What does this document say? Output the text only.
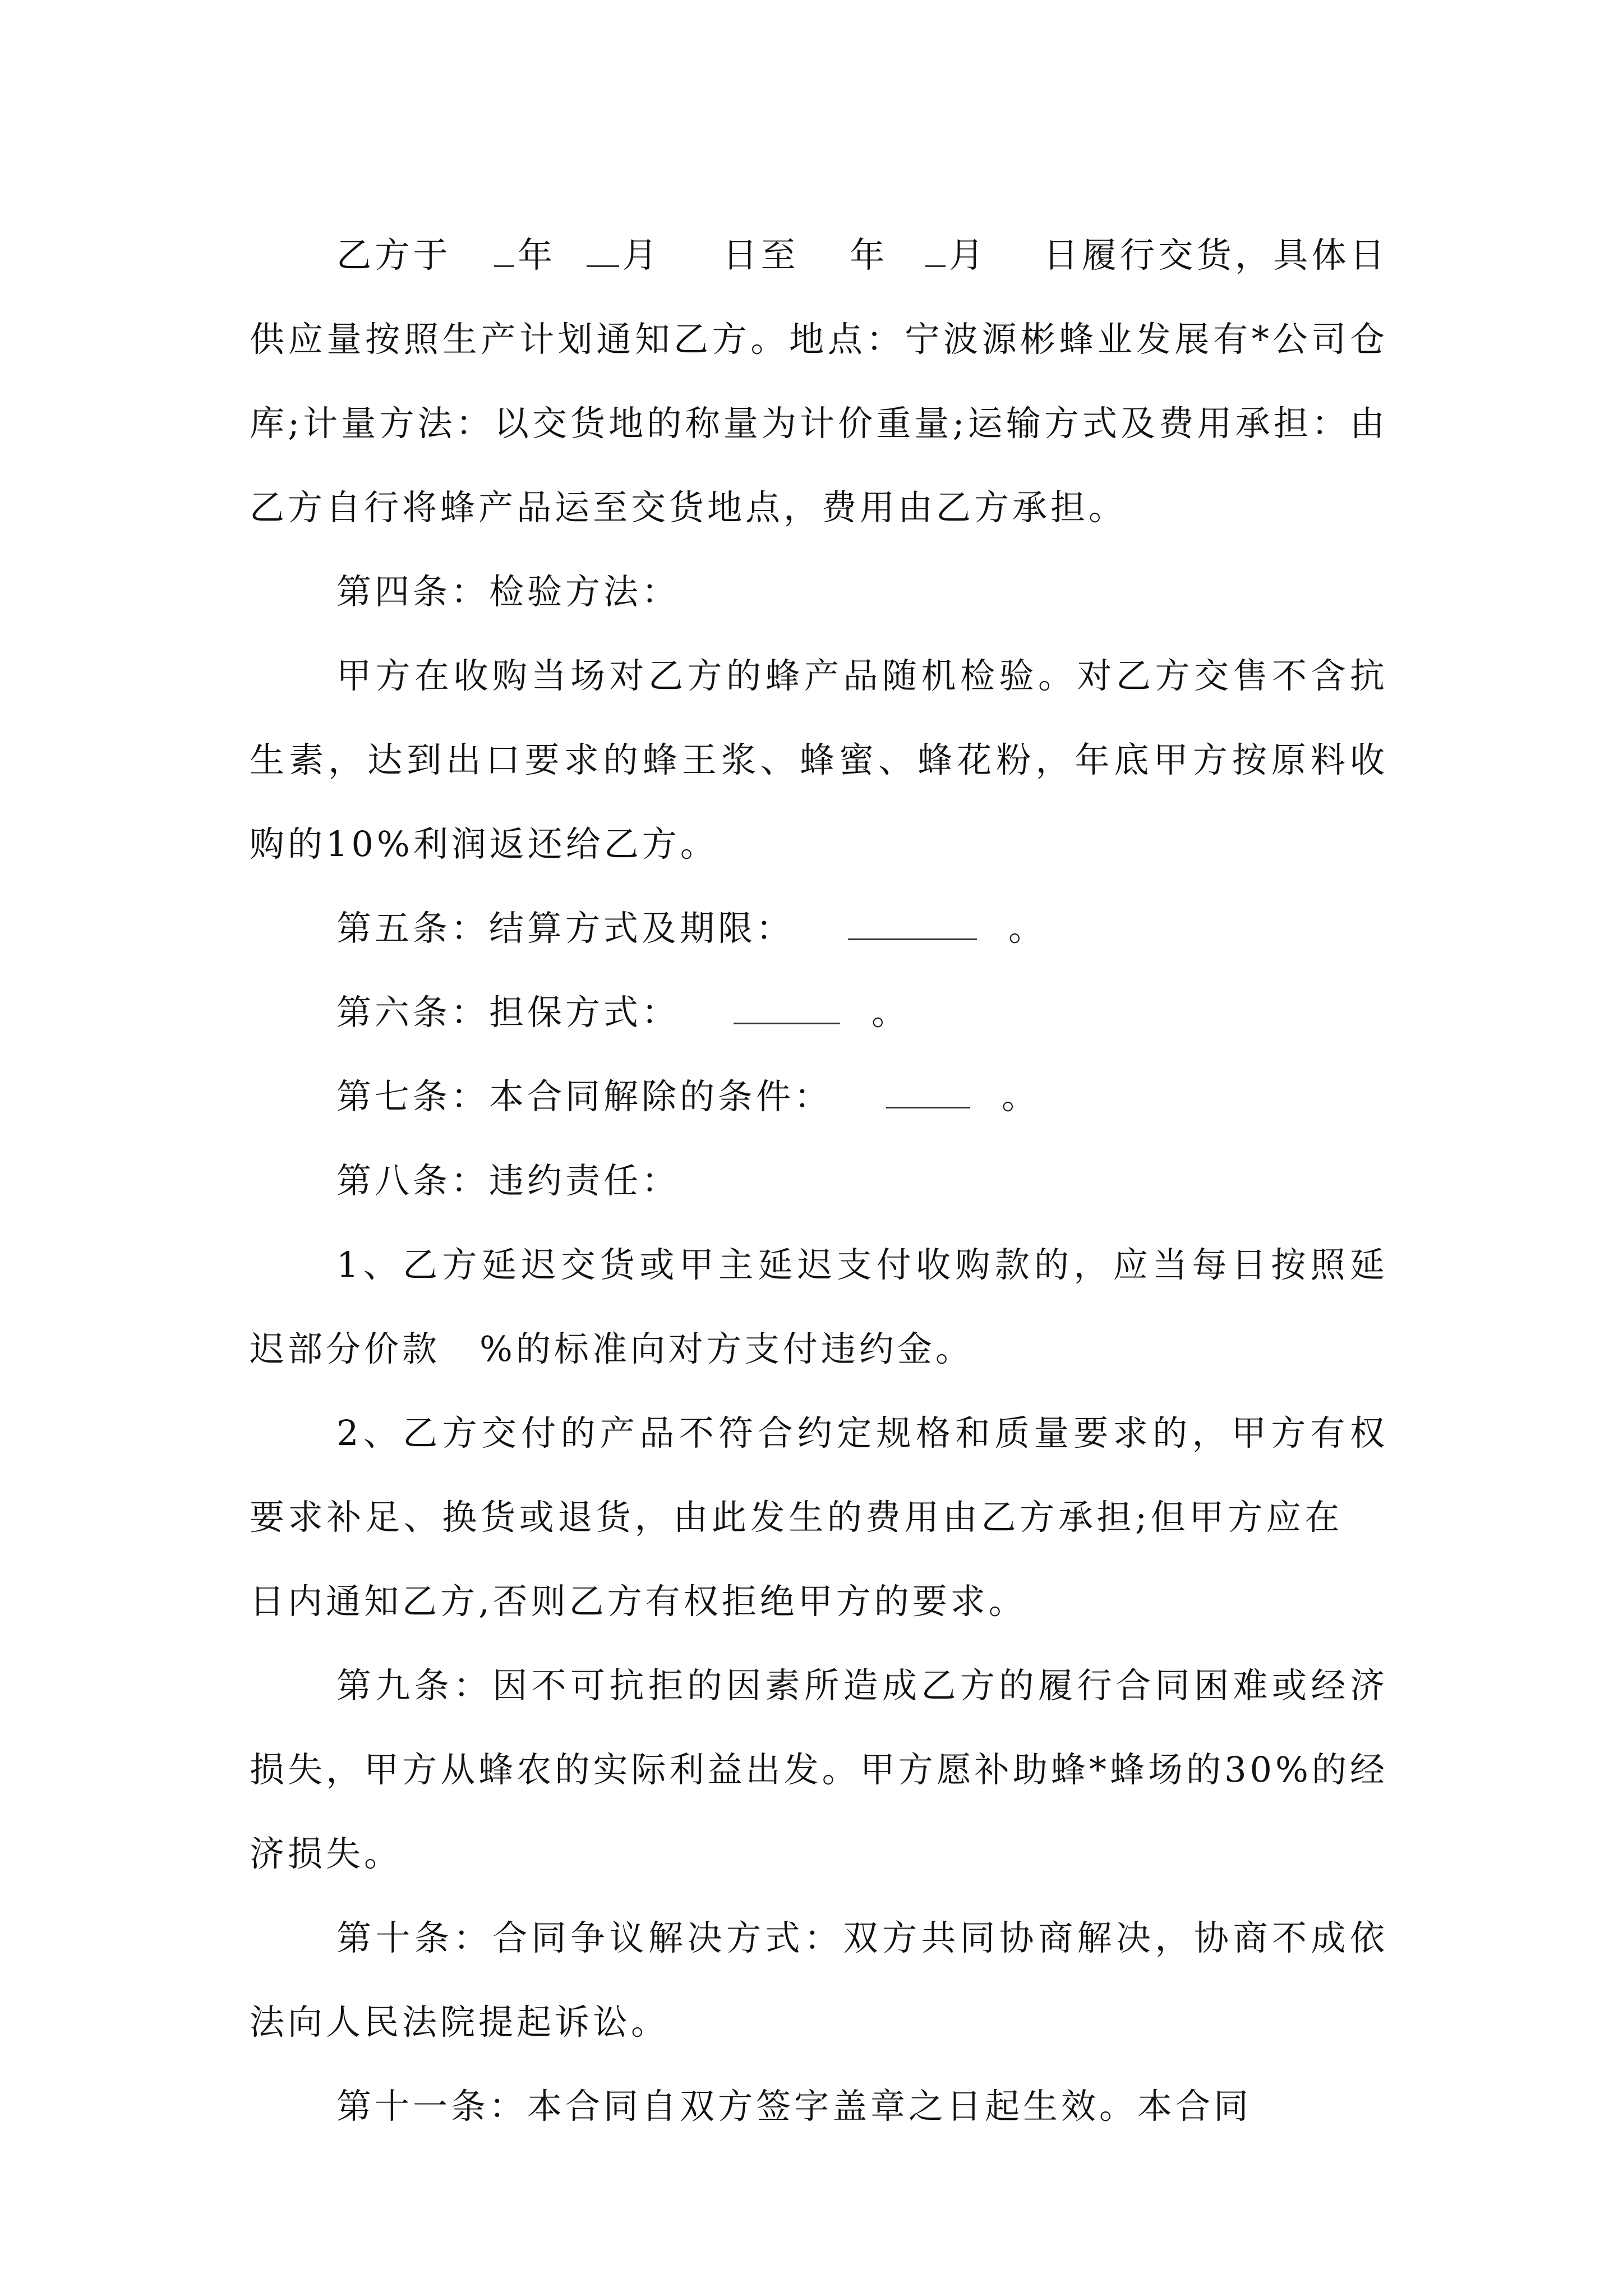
乙方于 年 月 日至 年 月 日履行交货，具体日供应量按照生产计划通知乙方。地点：宁波源彬蜂业发展有*公司仓库;计量方法：以交货地的称量为计价重量;运输方式及费用承担：由乙方自行将蜂产品运至交货地点，费用由乙方承担。

第四条：检验方法：

甲方在收购当场对乙方的蜂产品随机检验。对乙方交售不含抗生素，达到出口要求的蜂王浆、蜂蜜、蜂花粉，年底甲方按原料收购的10%利润返还给乙方。

第五条：结算方式及期限：	。

第六条：担保方式：	。

第七条：本合同解除的条件：	。

第八条：违约责任：

1、乙方延迟交货或甲主延迟支付收购款的，应当每日按照延迟部分价款 %的标准向对方支付违约金。

2、乙方交付的产品不符合约定规格和质量要求的，甲方有权要求补足、换货或退货，由此发生的费用由乙方承担;但甲方应在日内通知乙方,否则乙方有权拒绝甲方的要求。

第九条：因不可抗拒的因素所造成乙方的履行合同困难或经济损失，甲方从蜂农的实际利益出发。甲方愿补助蜂*蜂场的30%的经济损失。

第十条：合同争议解决方式：双方共同协商解决，协商不成依法向人民法院提起诉讼。

第十一条：本合同自双方签字盖章之日起生效。本合同
